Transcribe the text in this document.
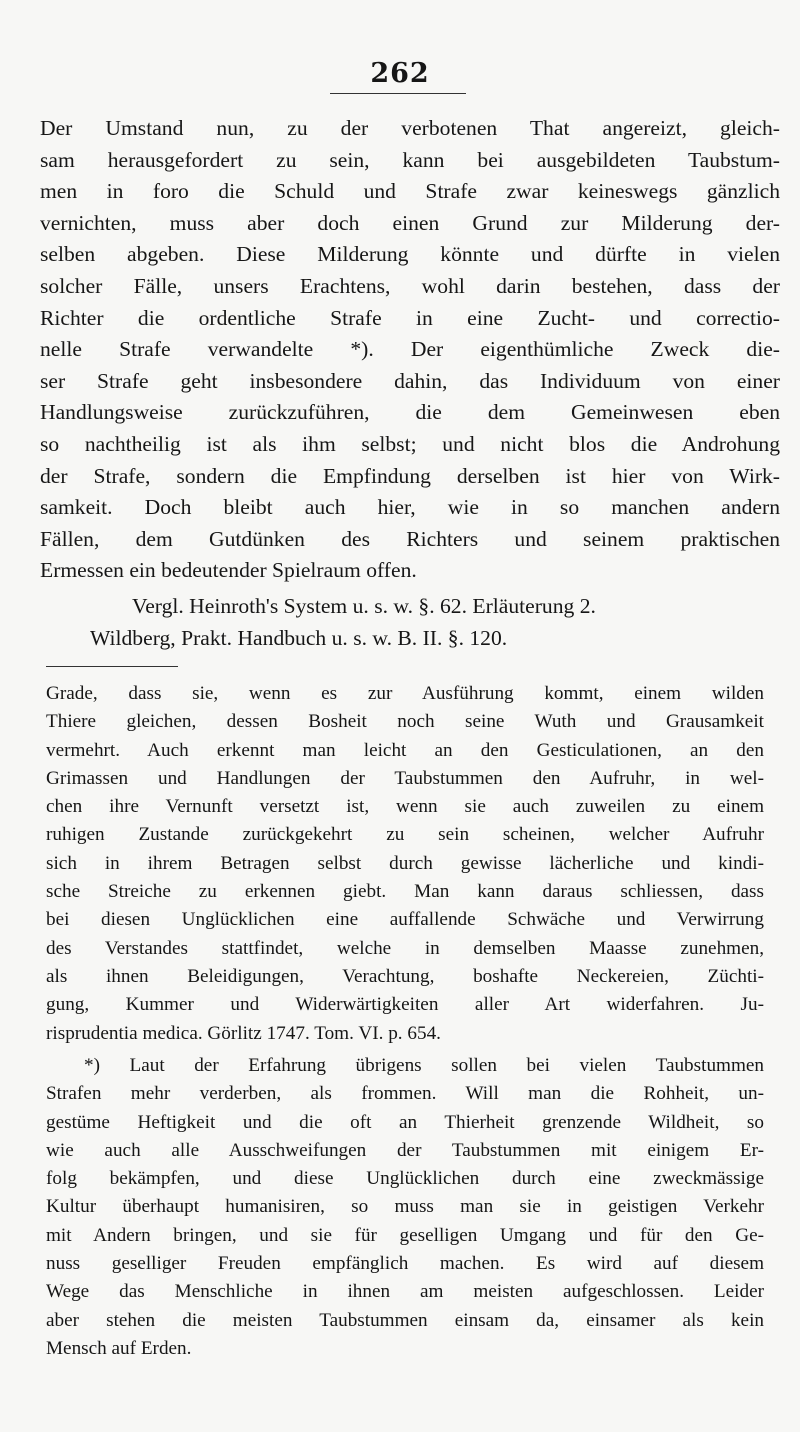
262
Der Umstand nun, zu der verbotenen That angereizt, gleich-
sam herausgefordert zu sein, kann bei ausgebildeten Taubstum-
men in foro die Schuld und Strafe zwar keineswegs gänzlich
vernichten, muss aber doch einen Grund zur Milderung der-
selben abgeben. Diese Milderung könnte und dürfte in vielen
solcher Fälle, unsers Erachtens, wohl darin bestehen, dass der
Richter die ordentliche Strafe in eine Zucht- und correctio-
nelle Strafe verwandelte *). Der eigenthümliche Zweck die-
ser Strafe geht insbesondere dahin, das Individuum von einer
Handlungsweise zurückzuführen, die dem Gemeinwesen eben
so nachtheilig ist als ihm selbst; und nicht blos die Androhung
der Strafe, sondern die Empfindung derselben ist hier von Wirk-
samkeit. Doch bleibt auch hier, wie in so manchen andern
Fällen, dem Gutdünken des Richters und seinem praktischen
Ermessen ein bedeutender Spielraum offen.
Vergl. Heinroth's System u. s. w. §. 62. Erläuterung 2.
Wildberg, Prakt. Handbuch u. s. w. B. II. §. 120.
Grade, dass sie, wenn es zur Ausführung kommt, einem wilden
Thiere gleichen, dessen Bosheit noch seine Wuth und Grausamkeit
vermehrt. Auch erkennt man leicht an den Gesticulationen, an den
Grimassen und Handlungen der Taubstummen den Aufruhr, in wel-
chen ihre Vernunft versetzt ist, wenn sie auch zuweilen zu einem
ruhigen Zustande zurückgekehrt zu sein scheinen, welcher Aufruhr
sich in ihrem Betragen selbst durch gewisse lächerliche und kindi-
sche Streiche zu erkennen giebt. Man kann daraus schliessen, dass
bei diesen Unglücklichen eine auffallende Schwäche und Verwirrung
des Verstandes stattfindet, welche in demselben Maasse zunehmen,
als ihnen Beleidigungen, Verachtung, boshafte Neckereien, Züchti-
gung, Kummer und Widerwärtigkeiten aller Art widerfahren. Ju-
risprudentia medica. Görlitz 1747. Tom. VI. p. 654.
*) Laut der Erfahrung übrigens sollen bei vielen Taubstummen
Strafen mehr verderben, als frommen. Will man die Rohheit, un-
gestüme Heftigkeit und die oft an Thierheit grenzende Wildheit, so
wie auch alle Ausschweifungen der Taubstummen mit einigem Er-
folg bekämpfen, und diese Unglücklichen durch eine zweckmässige
Kultur überhaupt humanisiren, so muss man sie in geistigen Verkehr
mit Andern bringen, und sie für geselligen Umgang und für den Ge-
nuss geselliger Freuden empfänglich machen. Es wird auf diesem
Wege das Menschliche in ihnen am meisten aufgeschlossen. Leider
aber stehen die meisten Taubstummen einsam da, einsamer als kein
Mensch auf Erden.
